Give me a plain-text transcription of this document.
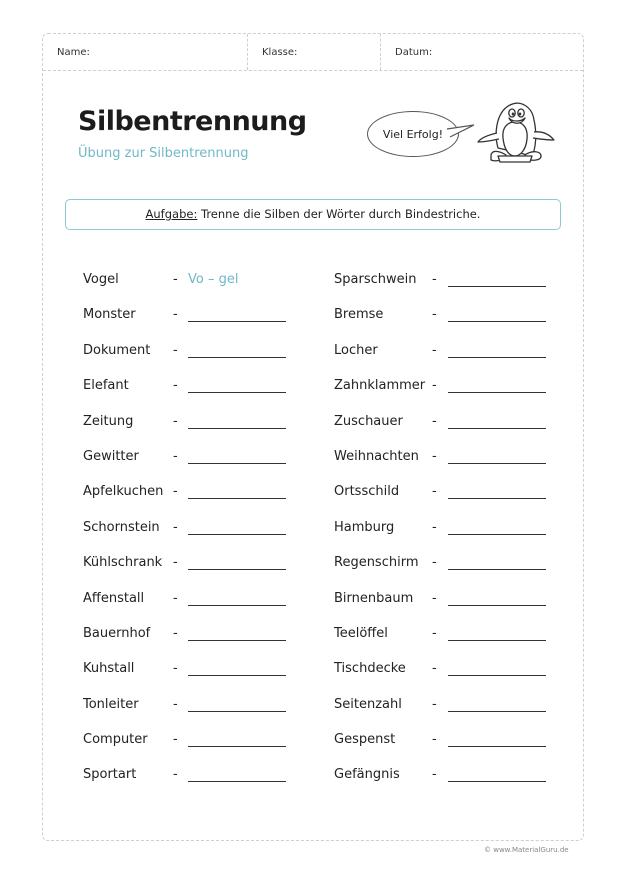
Name:	Klasse:	Datum:
Silbentrennung
Übung zur Silbentrennung
Viel Erfolg!
Aufgabe: Trenne die Silben der Wörter durch Bindestriche.
Vogel	- Vo – gel
Monster	-
Dokument -
Elefant	-
Zeitung	-
Gewitter	-
Apfelkuchen -
Schornstein -
Kühlschrank -
Affenstall -
Bauernhof -
Kuhstall	-
Tonleiter	-
Computer -
Sportart	-
Sparschwein -
Bremse	-
Locher	-
Zahnklammer -
Zuschauer -
Weihnachten -
Ortsschild	-
Hamburg	-
Regenschirm -
Birnenbaum -
Teelöffel	-
Tischdecke -
Seitenzahl -
Gespenst	-
Gefängnis -
© www.MaterialGuru.de
